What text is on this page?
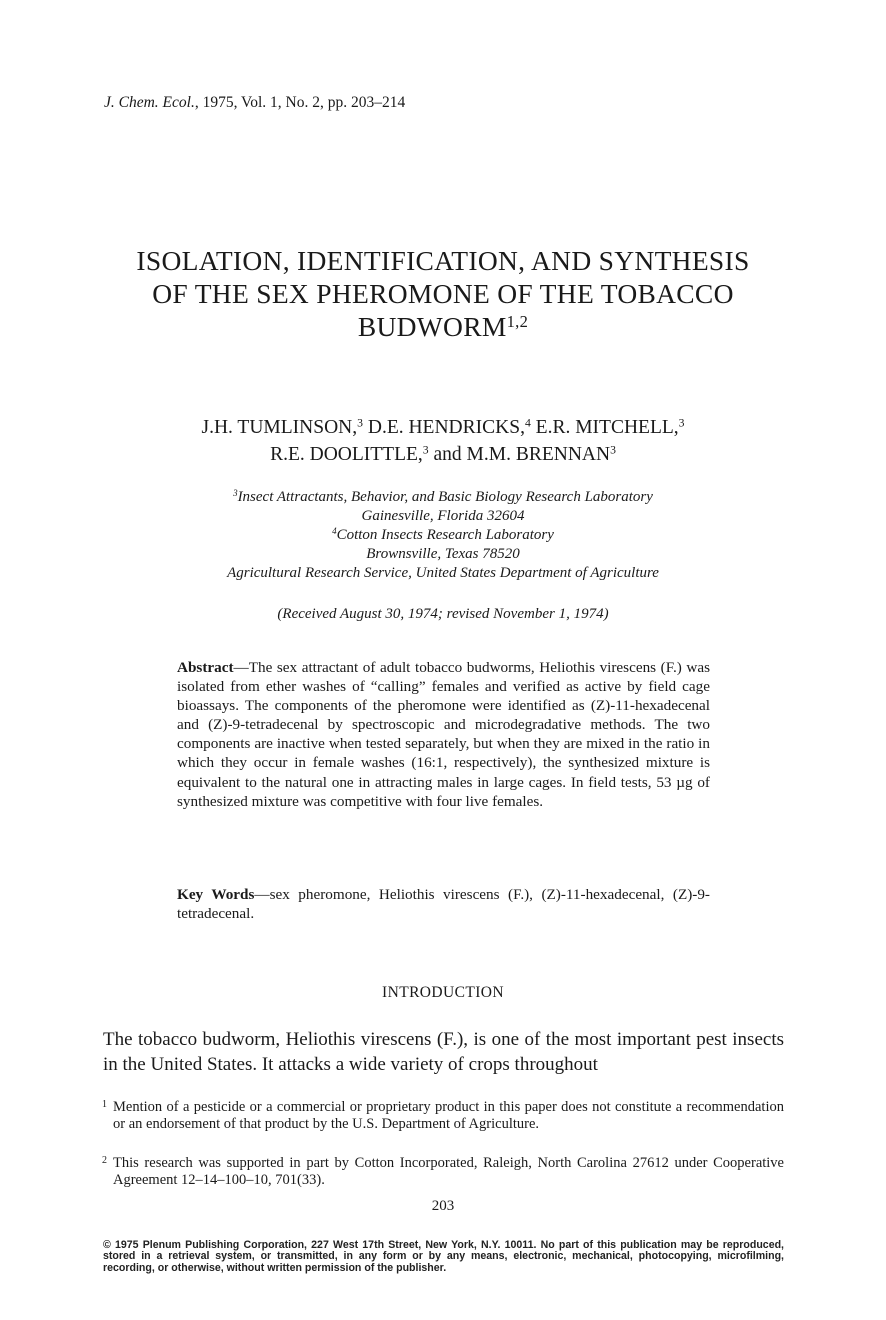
J. Chem. Ecol., 1975, Vol. 1, No. 2, pp. 203–214
ISOLATION, IDENTIFICATION, AND SYNTHESIS
OF THE SEX PHEROMONE OF THE TOBACCO
BUDWORM$^{1,2}$
J.H. TUMLINSON,$^3$ D.E. HENDRICKS,$^4$ E.R. MITCHELL,$^3$
R.E. DOOLITTLE,$^3$ and M.M. BRENNAN$^3$
$^3$Insect Attractants, Behavior, and Basic Biology Research Laboratory
Gainesville, Florida 32604
$^4$Cotton Insects Research Laboratory
Brownsville, Texas 78520
Agricultural Research Service, United States Department of Agriculture
(Received August 30, 1974; revised November 1, 1974)
Abstract—The sex attractant of adult tobacco budworms, Heliothis virescens (F.) was isolated from ether washes of “calling” females and verified as active by field cage bioassays. The components of the pheromone were identified as (Z)-11-hexadecenal and (Z)-9-tetradecenal by spectroscopic and microdegradative methods. The two components are inactive when tested separately, but when they are mixed in the ratio in which they occur in female washes (16:1, respectively), the synthesized mixture is equivalent to the natural one in attracting males in large cages. In field tests, 53 µg of synthesized mixture was competitive with four live females.
Key Words—sex pheromone, Heliothis virescens (F.), (Z)-11-hexadecenal, (Z)-9-tetradecenal.
INTRODUCTION
The tobacco budworm, Heliothis virescens (F.), is one of the most important pest insects in the United States. It attacks a wide variety of crops throughout
1 Mention of a pesticide or a commercial or proprietary product in this paper does not constitute a recommendation or an endorsement of that product by the U.S. Department of Agriculture.
2 This research was supported in part by Cotton Incorporated, Raleigh, North Carolina 27612 under Cooperative Agreement 12–14–100–10, 701(33).
203
© 1975 Plenum Publishing Corporation, 227 West 17th Street, New York, N.Y. 10011. No part of this publication may be reproduced, stored in a retrieval system, or transmitted, in any form or by any means, electronic, mechanical, photocopying, microfilming, recording, or otherwise, without written permission of the publisher.
